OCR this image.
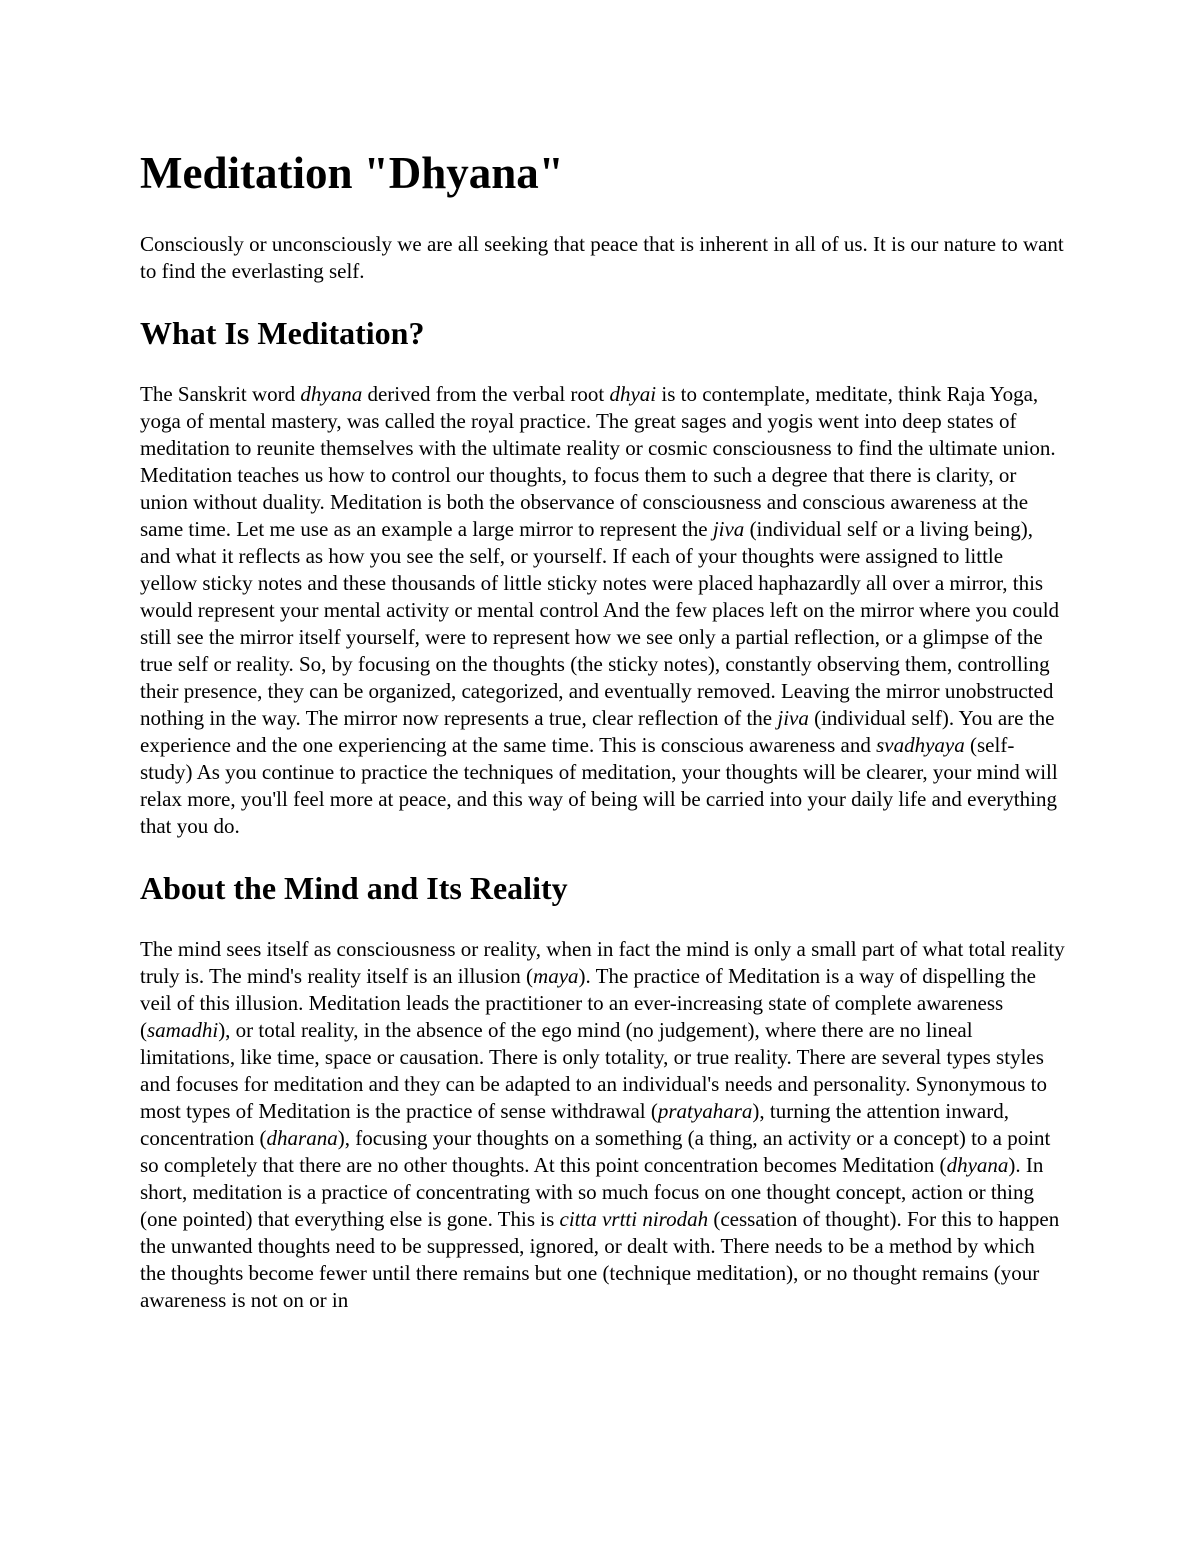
Meditation "Dhyana"

Consciously or unconsciously we are all seeking that peace that is inherent in all of us. It is our nature to want to find the everlasting self.

What Is Meditation?

The Sanskrit word dhyana derived from the verbal root dhyai is to contemplate, meditate, think Raja Yoga, yoga of mental mastery, was called the royal practice. The great sages and yogis went into deep states of meditation to reunite themselves with the ultimate reality or cosmic consciousness to find the ultimate union. Meditation teaches us how to control our thoughts, to focus them to such a degree that there is clarity, or union without duality. Meditation is both the observance of consciousness and conscious awareness at the same time. Let me use as an example a large mirror to represent the jiva (individual self or a living being), and what it reflects as how you see the self, or yourself. If each of your thoughts were assigned to little yellow sticky notes and these thousands of little sticky notes were placed haphazardly all over a mirror, this would represent your mental activity or mental control And the few places left on the mirror where you could still see the mirror itself yourself, were to represent how we see only a partial reflection, or a glimpse of the true self or reality. So, by focusing on the thoughts (the sticky notes), constantly observing them, controlling their presence, they can be organized, categorized, and eventually removed. Leaving the mirror unobstructed nothing in the way. The mirror now represents a true, clear reflection of the jiva (individual self). You are the experience and the one experiencing at the same time. This is conscious awareness and svadhyaya (self-study) As you continue to practice the techniques of meditation, your thoughts will be clearer, your mind will relax more, you'll feel more at peace, and this way of being will be carried into your daily life and everything that you do.

About the Mind and Its Reality

The mind sees itself as consciousness or reality, when in fact the mind is only a small part of what total reality truly is. The mind's reality itself is an illusion (maya). The practice of Meditation is a way of dispelling the veil of this illusion. Meditation leads the practitioner to an ever-increasing state of complete awareness (samadhi), or total reality, in the absence of the ego mind (no judgement), where there are no lineal limitations, like time, space or causation. There is only totality, or true reality. There are several types styles and focuses for meditation and they can be adapted to an individual's needs and personality. Synonymous to most types of Meditation is the practice of sense withdrawal (pratyahara), turning the attention inward, concentration (dharana), focusing your thoughts on a something (a thing, an activity or a concept) to a point so completely that there are no other thoughts. At this point concentration becomes Meditation (dhyana). In short, meditation is a practice of concentrating with so much focus on one thought concept, action or thing (one pointed) that everything else is gone. This is citta vrtti nirodah (cessation of thought). For this to happen the unwanted thoughts need to be suppressed, ignored, or dealt with. There needs to be a method by which the thoughts become fewer until there remains but one (technique meditation), or no thought remains (your awareness is not on or in
